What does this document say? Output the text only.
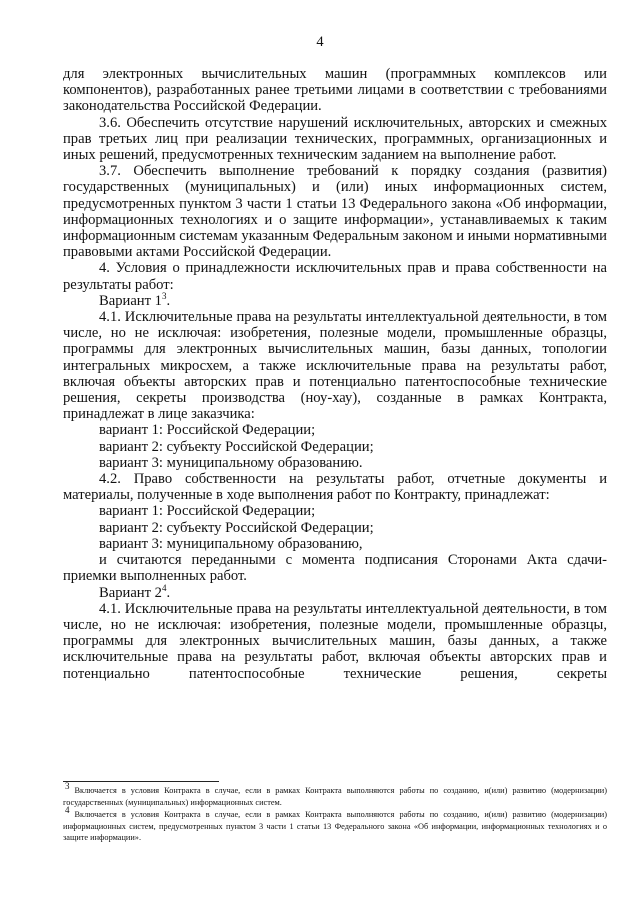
4

для электронных вычислительных машин (программных комплексов или компонентов), разработанных ранее третьими лицами в соответствии с требованиями законодательства Российской Федерации.

3.6. Обеспечить отсутствие нарушений исключительных, авторских и смежных прав третьих лиц при реализации технических, программных, организационных и иных решений, предусмотренных техническим заданием на выполнение работ.

3.7. Обеспечить выполнение требований к порядку создания (развития) государственных (муниципальных) и (или) иных информационных систем, предусмотренных пунктом 3 части 1 статьи 13 Федерального закона «Об информации, информационных технологиях и о защите информации», устанавливаемых к таким информационным системам указанным Федеральным законом и иными нормативными правовыми актами Российской Федерации.

4. Условия о принадлежности исключительных прав и права собственности на результаты работ:

Вариант $1^3$.

4.1. Исключительные права на результаты интеллектуальной деятельности, в том числе, но не исключая: изобретения, полезные модели, промышленные образцы, программы для электронных вычислительных машин, базы данных, топологии интегральных микросхем, а также исключительные права на результаты работ, включая объекты авторских прав и потенциально патентоспособные технические решения, секреты производства (ноу-хау), созданные в рамках Контракта, принадлежат в лице заказчика:

вариант 1: Российской Федерации;

вариант 2: субъекту Российской Федерации;

вариант 3: муниципальному образованию.

4.2. Право собственности на результаты работ, отчетные документы и материалы, полученные в ходе выполнения работ по Контракту, принадлежат:

вариант 1: Российской Федерации;

вариант 2: субъекту Российской Федерации;

вариант 3: муниципальному образованию,

и считаются переданными с момента подписания Сторонами Акта сдачи-приемки выполненных работ.

Вариант $2^4$.

4.1. Исключительные права на результаты интеллектуальной деятельности, в том числе, но не исключая: изобретения, полезные модели, промышленные образцы, программы для электронных вычислительных машин, базы данных, а также исключительные права на результаты работ, включая объекты авторских прав и потенциально патентоспособные технические решения, секреты

$^3$ Включается в условия Контракта в случае, если в рамках Контракта выполняются работы по созданию, и(или) развитию (модернизации) государственных (муниципальных) информационных систем.

$^4$ Включается в условия Контракта в случае, если в рамках Контракта выполняются работы по созданию, и(или) развитию (модернизации) информационных систем, предусмотренных пунктом 3 части 1 статьи 13 Федерального закона «Об информации, информационных технологиях и о защите информации».
